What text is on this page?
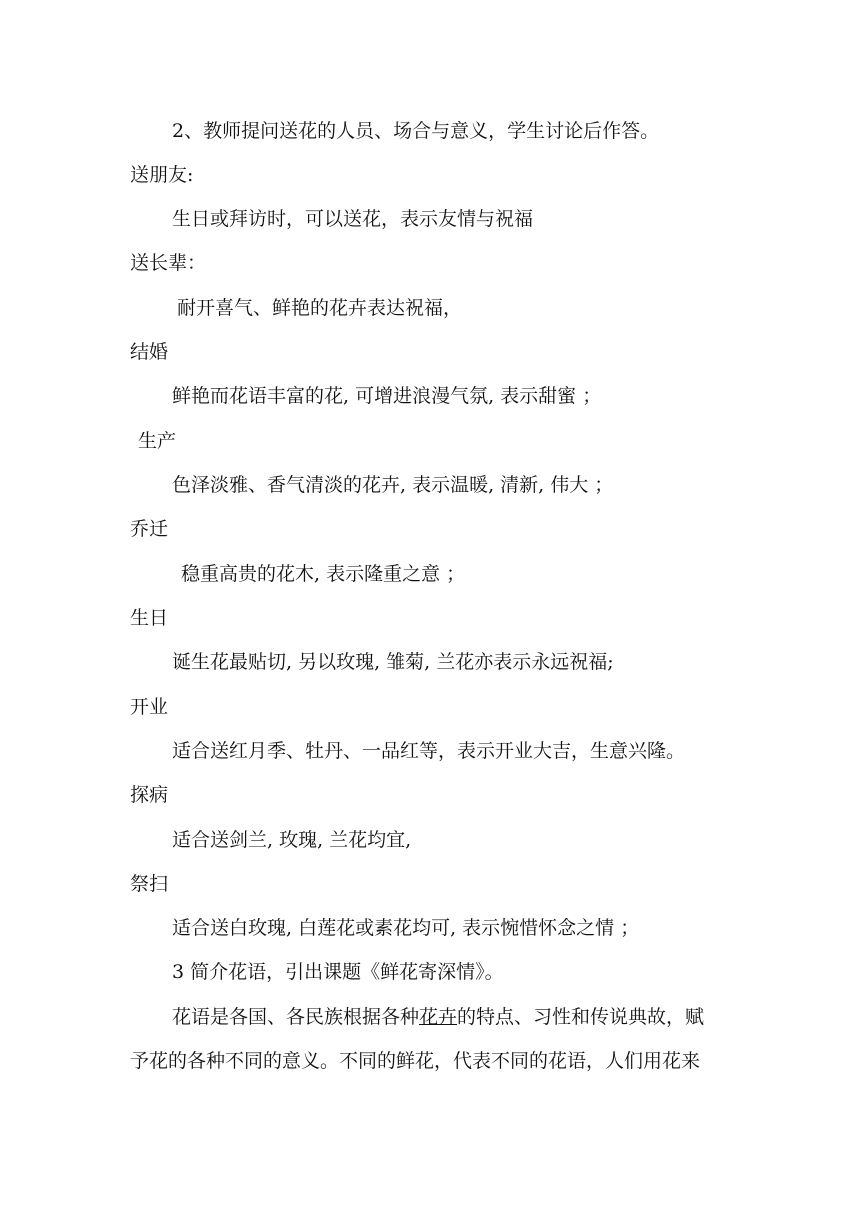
2、教师提问送花的人员、场合与意义，学生讨论后作答。
送朋友:
生日或拜访时，可以送花，表示友情与祝福
送长辈：
耐开喜气、鲜艳的花卉表达祝福，
结婚
鲜艳而花语丰富的花, 可增进浪漫气氛, 表示甜蜜 ；
生产
色泽淡雅、香气清淡的花卉, 表示温暖, 清新, 伟大 ；
乔迁
稳重高贵的花木, 表示隆重之意 ；
生日
诞生花最贴切, 另以玫瑰, 雏菊, 兰花亦表示永远祝福;
开业
适合送红月季、牡丹、一品红等，表示开业大吉，生意兴隆。
探病
适合送剑兰, 玫瑰, 兰花均宜,
祭扫
适合送白玫瑰, 白莲花或素花均可, 表示惋惜怀念之情 ；
3 简介花语，引出课题《鲜花寄深情》。
花语是各国、各民族根据各种花卉的特点、习性和传说典故，赋
予花的各种不同的意义。不同的鲜花，代表不同的花语，人们用花来
